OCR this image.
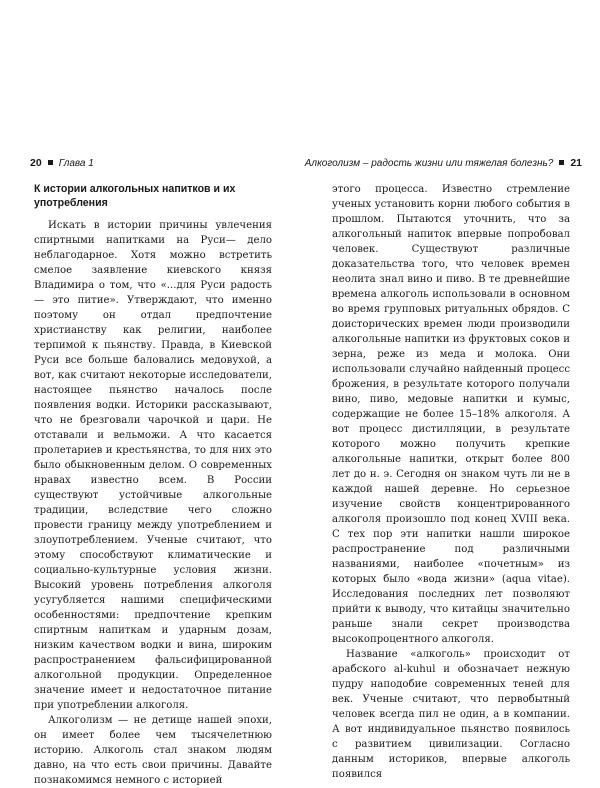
20 Глава 1
К истории алкогольных напитков и их употребления

Искать в истории причины увлечения спиртными напитками на Руси— дело неблагодарное. Хотя можно встретить смелое заявление киевского князя Владимира о том, что «...для Руси радость — это питие». Утверждают, что именно поэтому он отдал предпочтение христианству как религии, наиболее терпимой к пьянству. Правда, в Киевской Руси все больше баловались медовухой, а вот, как считают некоторые исследователи, настоящее пьянство началось после появления водки. Историки рассказывают, что не брезговали чарочкой и цари. Не отставали и вельможи. А что касается пролетариев и крестьянства, то для них это было обыкновенным делом. О современных нравах известно всем. В России существуют устойчивые алкогольные традиции, вследствие чего сложно провести границу между употреблением и злоупотреблением. Ученые считают, что этому способствуют климатические и социально-культурные условия жизни. Высокий уровень потребления алкоголя усугубляется нашими специфическими особенностями: предпочтение крепким спиртным напиткам и ударным дозам, низким качеством водки и вина, широким распространением фальсифицированной алкогольной продукции. Определенное значение имеет и недостаточное питание при употреблении алкоголя.

Алкоголизм — не детище нашей эпохи, он имеет более чем тысячелетнюю историю. Алкоголь стал знаком людям давно, на что есть свои причины. Давайте познакомимся немного с историей

Алкоголизм – радость жизни или тяжелая болезнь? 21

этого процесса. Известно стремление ученых установить корни любого события в прошлом. Пытаются уточнить, что за алкогольный напиток впервые попробовал человек. Существуют различные доказательства того, что человек времен неолита знал вино и пиво. В те древнейшие времена алкоголь использовали в основном во время групповых ритуальных обрядов. С доисторических времен люди производили алкогольные напитки из фруктовых соков и зерна, реже из меда и молока. Они использовали случайно найденный процесс брожения, в результате которого получали вино, пиво, медовые напитки и кумыс, содержащие не более 15–18% алкоголя. А вот процесс дистилляции, в результате которого можно получить крепкие алкогольные напитки, открыт более 800 лет до н. э. Сегодня он знаком чуть ли не в каждой нашей деревне. Но серьезное изучение свойств концентрированного алкоголя произошло под конец XVIII века. С тех пор эти напитки нашли широкое распространение под различными названиями, наиболее «почетным» из которых было «вода жизни» (aqua vitae). Исследования последних лет позволяют прийти к выводу, что китайцы значительно раньше знали секрет производства высокопроцентного алкоголя.

Название «алкоголь» происходит от арабского al-kuhul и обозначает нежную пудру наподобие современных теней для век. Ученые считают, что первобытный человек всегда пил не один, а в компании. А вот индивидуальное пьянство появилось с развитием цивилизации. Согласно данным историков, впервые алкоголь появился
